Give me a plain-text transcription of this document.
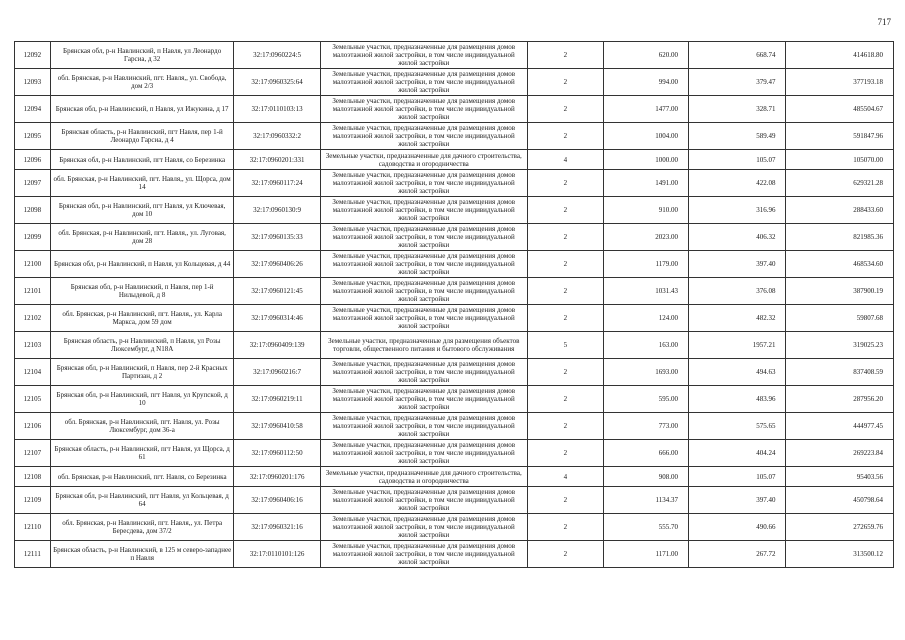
717
12092	Брянская обл, р-н Навлинский, п Навля, ул Леонардо Гарсиа, д 32	32:17:0960224:5	Земельные участки, предназначенные для размещения домов малоэтажной жилой застройки, в том числе индивидуальной жилой застройки	2	620.00	668.74	414618.80
12093	обл. Брянская, р-н Навлинский, пгт. Навля,, ул. Свобода, дом 2/3	32:17:0960325:64	Земельные участки, предназначенные для размещения домов малоэтажной жилой застройки, в том числе индивидуальной жилой застройки	2	994.00	379.47	377193.18
12094	Брянская обл, р-н Навлинский, п Навля, ул Ижукина, д 17	32:17:0110103:13	Земельные участки, предназначенные для размещения домов малоэтажной жилой застройки, в том числе индивидуальной жилой застройки	2	1477.00	328.71	485504.67
12095	Брянская область, р-н Навлинский, пгт Навля, пер 1-й Леонардо Гарсиа, д 4	32:17:0960332:2	Земельные участки, предназначенные для размещения домов малоэтажной жилой застройки, в том числе индивидуальной жилой застройки	2	1004.00	589.49	591847.96
12096	Брянская обл, р-н Навлинский, пгт Навля, со Березинка	32:17:0960201:331	Земельные участки, предназначенные для дачного строительства, садоводства и огородничества	4	1000.00	105.07	105070.00
12097	обл. Брянская, р-н Навлинский, пгт. Навля,, ул. Щорса, дом 14	32:17:0960117:24	Земельные участки, предназначенные для размещения домов малоэтажной жилой застройки, в том числе индивидуальной жилой застройки	2	1491.00	422.08	629321.28
12098	Брянская обл, р-н Навлинский, пгт Навля, ул Ключевая, дом 10	32:17:0960130:9	Земельные участки, предназначенные для размещения домов малоэтажной жилой застройки, в том числе индивидуальной жилой застройки	2	910.00	316.96	288433.60
12099	обл. Брянская, р-н Навлинский, пгт. Навля,, ул. Луговая, дом 28	32:17:0960135:33	Земельные участки, предназначенные для размещения домов малоэтажной жилой застройки, в том числе индивидуальной жилой застройки	2	2023.00	406.32	821985.36
12100	Брянская обл, р-н Навлинский, п Навля, ул Кольцевая, д 44	32:17:0960406:26	Земельные участки, предназначенные для размещения домов малоэтажной жилой застройки, в том числе индивидуальной жилой застройки	2	1179.00	397.40	468534.60
12101	Брянская обл, р-н Навлинский, п Навля, пер 1-й Нилыдевой, д 8	32:17:0960121:45	Земельные участки, предназначенные для размещения домов малоэтажной жилой застройки, в том числе индивидуальной жилой застройки	2	1031.43	376.08	387900.19
12102	обл. Брянская, р-н Навлинский, пгт. Навля,, ул. Карла Маркса, дом 59 дом	32:17:0960314:46	Земельные участки, предназначенные для размещения домов малоэтажной жилой застройки, в том числе индивидуальной жилой застройки	2	124.00	482.32	59807.68
12103	Брянская область, р-н Навлинский, п Навля, ул Розы Люксембург, д N18А	32:17:0960409:139	Земельные участки, предназначенные для размещения объектов торговли, общественного питания и бытового обслуживания	5	163.00	1957.21	319025.23
12104	Брянская обл, р-н Навлинский, п Навля, пер 2-й Красных Партизан, д 2	32:17:0960216:7	Земельные участки, предназначенные для размещения домов малоэтажной жилой застройки, в том числе индивидуальной жилой застройки	2	1693.00	494.63	837408.59
12105	Брянская обл, р-н Навлинский, пгт Навля, ул Крупской, д 10	32:17:0960219:11	Земельные участки, предназначенные для размещения домов малоэтажной жилой застройки, в том числе индивидуальной жилой застройки	2	595.00	483.96	287956.20
12106	обл. Брянская, р-н Навлинский, пгт. Навля, ул. Розы Люксембург, дом 36-а	32:17:0960410:58	Земельные участки, предназначенные для размещения домов малоэтажной жилой застройки, в том числе индивидуальной жилой застройки	2	773.00	575.65	444977.45
12107	Брянская область, р-н Навлинский, пгт Навля, ул Щорса, д 61	32:17:0960112:50	Земельные участки, предназначенные для размещения домов малоэтажной жилой застройки, в том числе индивидуальной жилой застройки	2	666.00	404.24	269223.84
12108	обл. Брянская, р-н Навлинский, пгт. Навля, со Березинка	32:17:0960201:176	Земельные участки, предназначенные для дачного строительства, садоводства и огородничества	4	908.00	105.07	95403.56
12109	Брянская обл, р-н Навлинский, пгт Навля, ул Кольцевая, д 64	32:17:0960406:16	Земельные участки, предназначенные для размещения домов малоэтажной жилой застройки, в том числе индивидуальной жилой застройки	2	1134.37	397.40	450798.64
12110	обл. Брянская, р-н Навлинский, пгт. Навля,, ул. Петра Бересдева, дом 37/2	32:17:0960321:16	Земельные участки, предназначенные для размещения домов малоэтажной жилой застройки, в том числе индивидуальной жилой застройки	2	555.70	490.66	272659.76
12111	Брянская область, р-н Навлинский, в 125 м северо-западнее п Навля	32:17:0110101:126	Земельные участки, предназначенные для размещения домов малоэтажной жилой застройки, в том числе индивидуальной жилой застройки	2	1171.00	267.72	313500.12
